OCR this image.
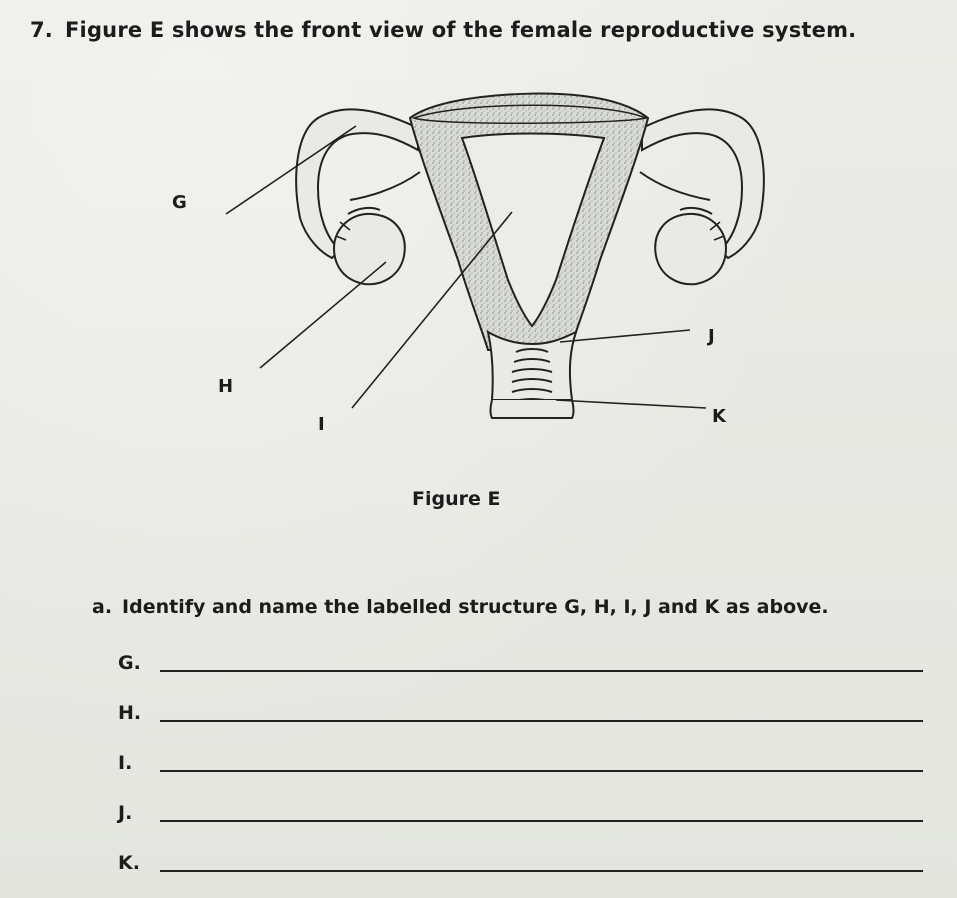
7. Figure E shows the front view of the female reproductive system.
G
H
I
J
K
Figure E
a. Identify and name the labelled structure G, H, I, J and K as above.
G.
H.
I.
J.
K.
